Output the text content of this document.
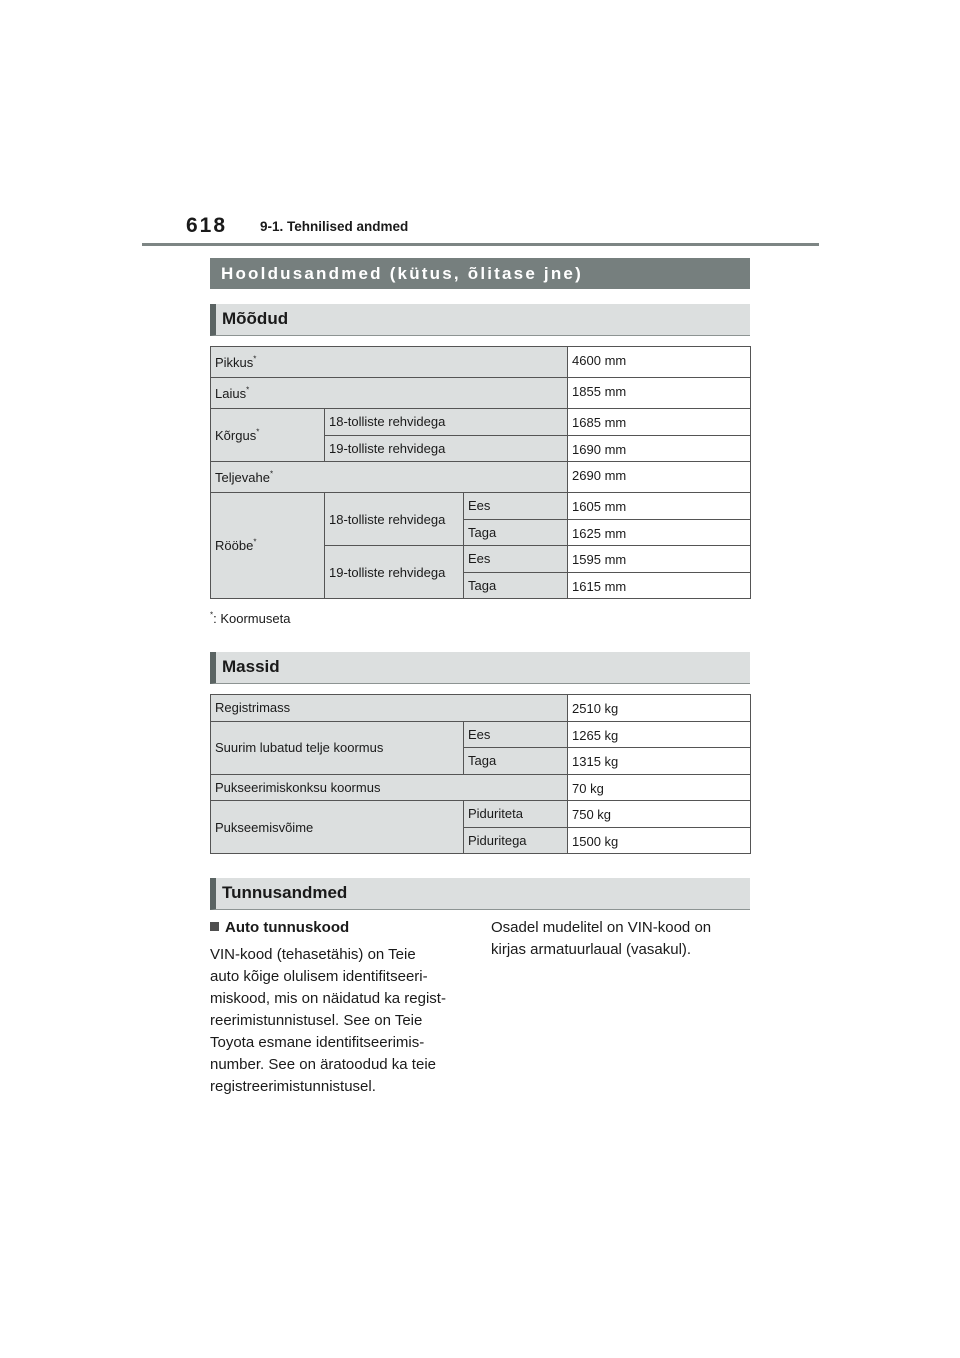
618 9-1. Tehnilised andmed
Hooldusandmed (kütus, õlitase jne)
Mõõdud
Pikkus*			4600 mm
Laius*			1855 mm
Kõrgus*	18-tolliste rehvidega		1685 mm
	19-tolliste rehvidega		1690 mm
Teljevahe*			2690 mm
Rööbe*	18-tolliste rehvidega	Ees	1605 mm
		Taga	1625 mm
	19-tolliste rehvidega	Ees	1595 mm
		Taga	1615 mm
*: Koormuseta
Massid
Registrimass		2510 kg
Suurim lubatud telje koormus	Ees	1265 kg
	Taga	1315 kg
Pukseerimiskonksu koormus		70 kg
Pukseemisvõime	Piduriteta	750 kg
	Piduritega	1500 kg
Tunnusandmed
Auto tunnuskood
VIN-kood (tehasetähis) on Teie
auto kõige olulisem identifitseeri-
miskood, mis on näidatud ka regist-
reerimistunnistusel. See on Teie
Toyota esmane identifitseerimis-
number. See on äratoodud ka teie
registreerimistunnistusel.
Osadel mudelitel on VIN-kood on
kirjas armatuurlaual (vasakul).
